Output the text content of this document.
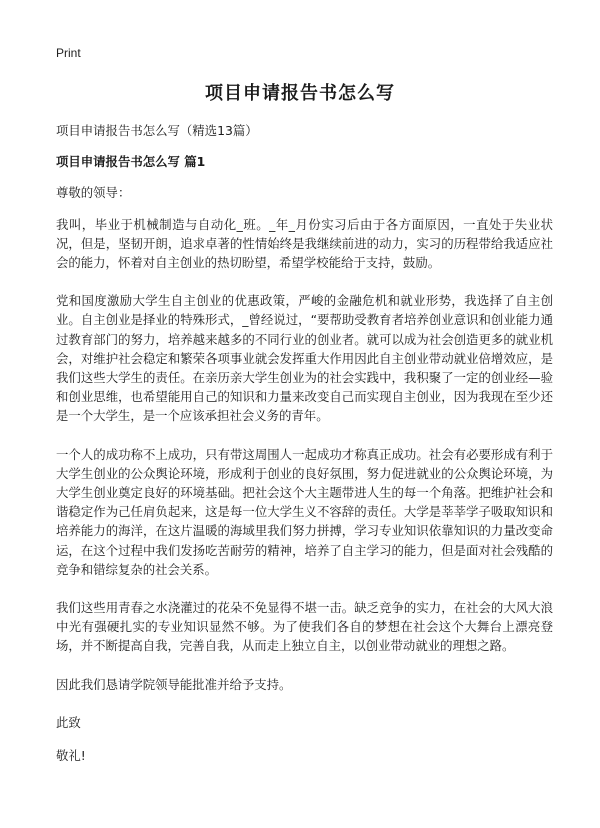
Print
项目申请报告书怎么写

项目申请报告书怎么写（精选13篇）

项目申请报告书怎么写 篇1

尊敬的领导：

我叫，毕业于机械制造与自动化_班。_年_月份实习后由于各方面原因，一直处于失业状况，但是，坚韧开朗，追求卓著的性情始终是我继续前进的动力，实习的历程带给我适应社会的能力，怀着对自主创业的热切盼望，希望学校能给于支持，鼓励。

党和国度激励大学生自主创业的优惠政策，严峻的金融危机和就业形势，我选择了自主创业。自主创业是择业的特殊形式，_曾经说过，“要帮助受教育者培养创业意识和创业能力通过教育部门的努力，培养越来越多的不同行业的创业者。就可以成为社会创造更多的就业机会，对维护社会稳定和繁荣各项事业就会发挥重大作用因此自主创业带动就业倍增效应，是我们这些大学生的责任。在亲历亲大学生创业为的社会实践中，我积聚了一定的创业经—验和创业思维，也希望能用自己的知识和力量来改变自己而实现自主创业，因为我现在至少还是一个大学生，是一个应该承担社会义务的青年。

一个人的成功称不上成功，只有带这周围人一起成功才称真正成功。社会有必要形成有利于大学生创业的公众舆论环境，形成利于创业的良好氛围，努力促进就业的公众舆论环境，为大学生创业奠定良好的环境基础。把社会这个大主题带进人生的每一个角落。把维护社会和谐稳定作为己任肩负起来，这是每一位大学生义不容辞的责任。大学是莘莘学子吸取知识和培养能力的海洋，在这片温暖的海域里我们努力拼搏，学习专业知识依靠知识的力量改变命运，在这个过程中我们发扬吃苦耐劳的精神，培养了自主学习的能力，但是面对社会残酷的竞争和错综复杂的社会关系。

我们这些用青春之水浇灌过的花朵不免显得不堪一击。缺乏竞争的实力，在社会的大风大浪中光有强硬扎实的专业知识显然不够。为了使我们各自的梦想在社会这个大舞台上漂亮登场，并不断提高自我，完善自我，从而走上独立自主，以创业带动就业的理想之路。

因此我们恳请学院领导能批准并给予支持。

此致

敬礼!
